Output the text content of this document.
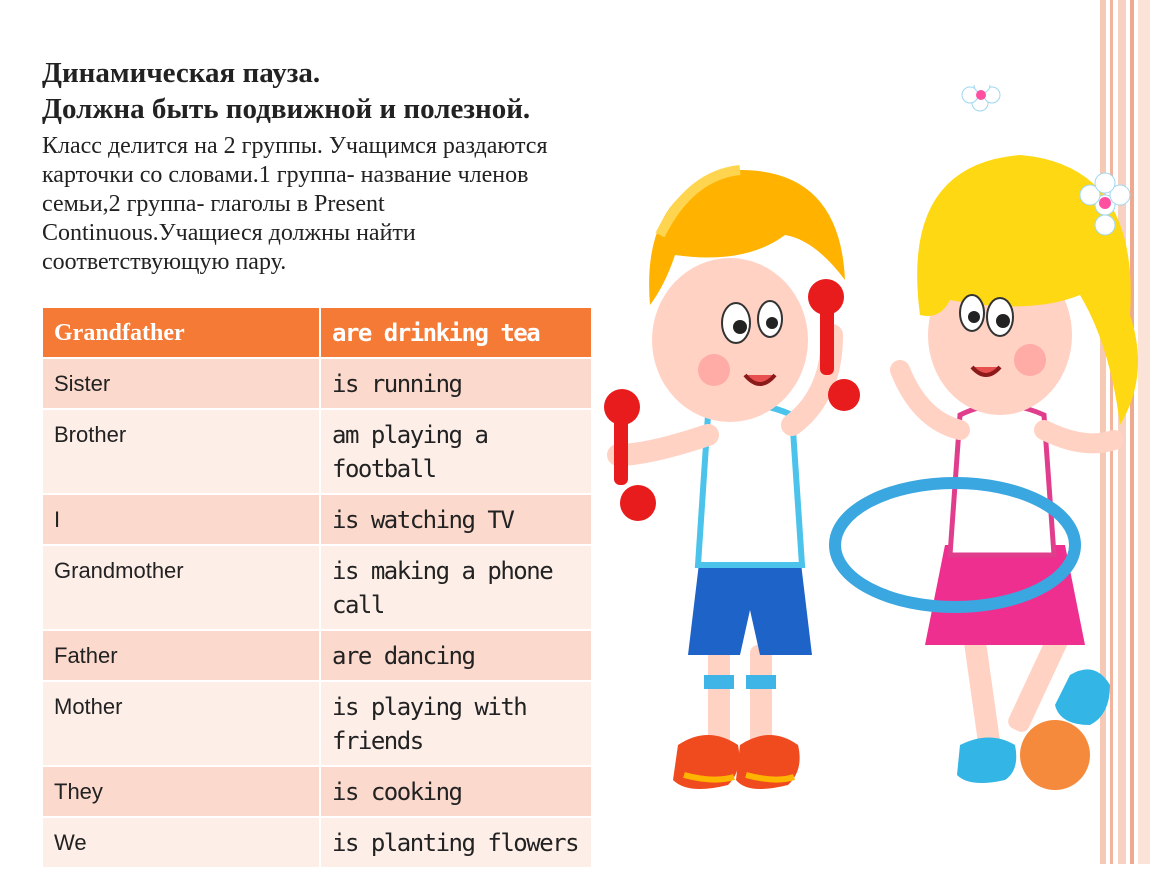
Динамическая пауза.
Должна быть подвижной и полезной.
Класс делится на 2 группы. Учащимся раздаются карточки со словами.1 группа- название членов семьи,2 группа- глаголы в Present Continuous.Учащиеся должны найти соответствующую пару.
Grandfather	are drinking tea
Sister	is running
Brother	am playing a football
I	is watching TV
Grandmother	is making a phone call
Father	are dancing
Mother	is playing with friends
They	is cooking
We	is planting flowers
